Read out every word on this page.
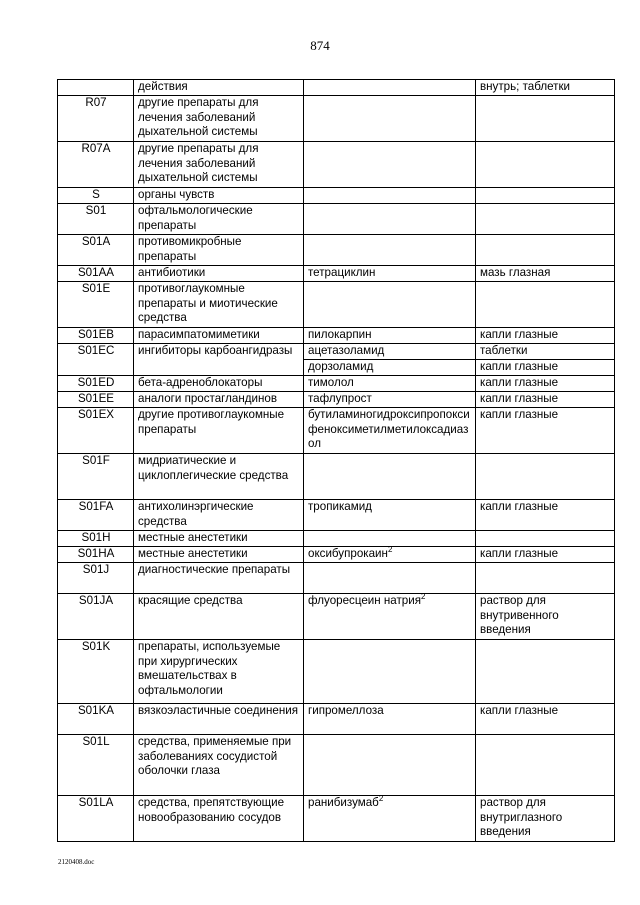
874
	действия		внутрь; таблетки
R07	другие препараты для лечения заболеваний дыхательной системы		
R07A	другие препараты для лечения заболеваний дыхательной системы		
S	органы чувств		
S01	офтальмологические препараты		
S01A	противомикробные препараты		
S01AA	антибиотики	тетрациклин	мазь глазная
S01E	противоглаукомные препараты и миотические средства		
S01EB	парасимпатомиметики	пилокарпин	капли глазные
S01EC	ингибиторы карбоангидразы	ацетазоламид	таблетки
		дорзоламид	капли глазные
S01ED	бета-адреноблокаторы	тимолол	капли глазные
S01EE	аналоги простагландинов	тафлупрост	капли глазные
S01EX	другие противоглаукомные препараты	бутиламиногидроксипропоксифеноксиметилметилоксадиазол	капли глазные
S01F	мидриатические и циклоплегические средства		
S01FA	антихолинэргические средства	тропикамид	капли глазные
S01H	местные анестетики		
S01HA	местные анестетики	оксибупрокаин$^2$	капли глазные
S01J	диагностические препараты		
S01JA	красящие средства	флуоресцеин натрия$^2$	раствор для внутривенного введения
S01K	препараты, используемые при хирургических вмешательствах в офтальмологии		
S01KA	вязкоэластичные соединения	гипромеллоза	капли глазные
S01L	средства, применяемые при заболеваниях сосудистой оболочки глаза		
S01LA	средства, препятствующие новообразованию сосудов	ранибизумаб$^2$	раствор для внутриглазного введения
2120408.doc
